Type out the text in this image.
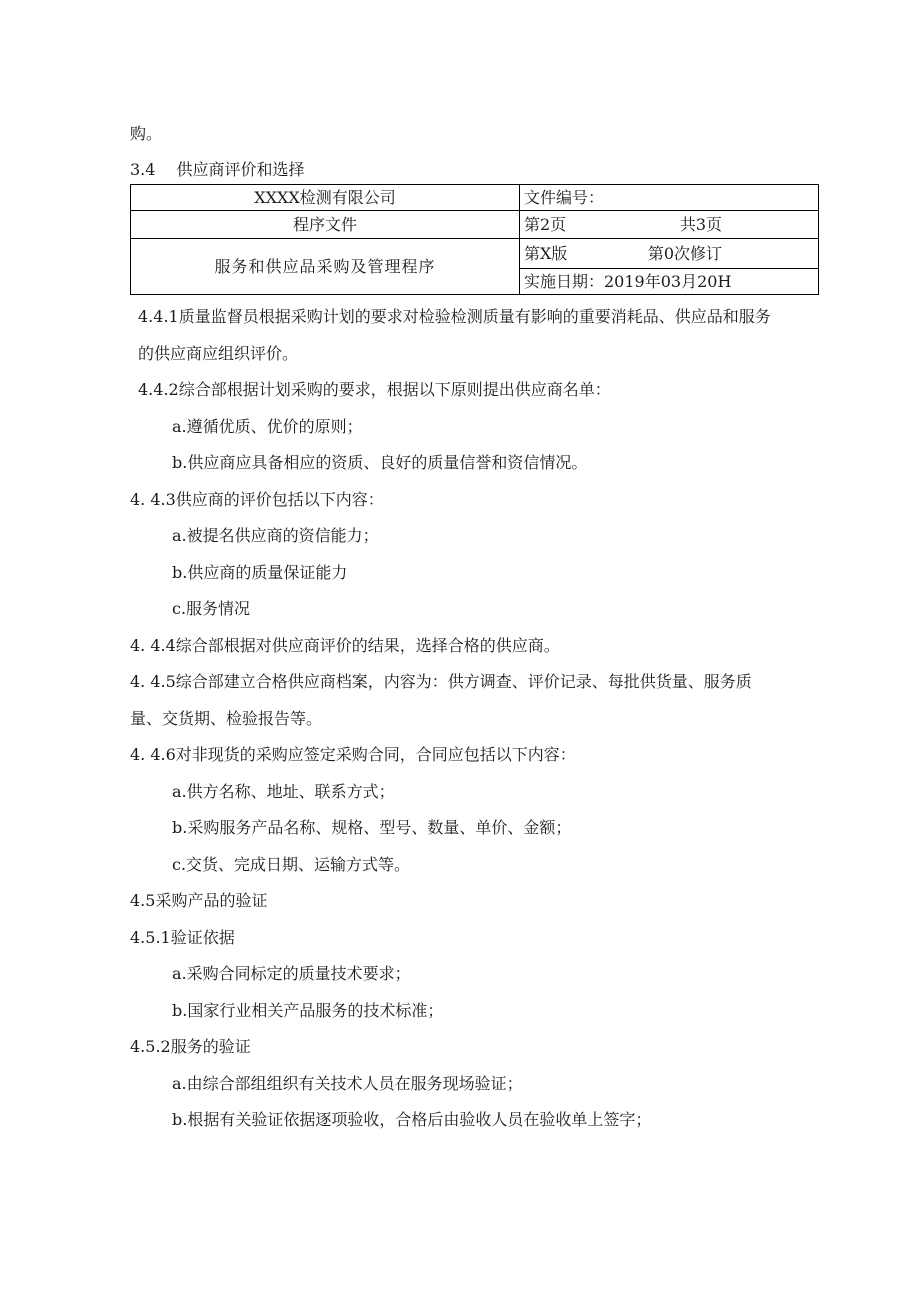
购。
3.4　 供应商评价和选择
XXXX检测有限公司	文件编号：
程序文件	第2页 共3页

服务和供应品采购及管理程序	第X版 第0次修订

	实施日期：2019年03月20H
4.4.1质量监督员根据采购计划的要求对检验检测质量有影响的重要消耗品、供应品和服务
的供应商应组织评价。
4.4.2综合部根据计划采购的要求，根据以下原则提出供应商名单：
a.遵循优质、优价的原则；
b.供应商应具备相应的资质、良好的质量信誉和资信情况。
4. 4.3供应商的评价包括以下内容：
a.被提名供应商的资信能力；
b.供应商的质量保证能力
c.服务情况
4. 4.4综合部根据对供应商评价的结果，选择合格的供应商。
4. 4.5综合部建立合格供应商档案，内容为：供方调查、评价记录、每批供货量、服务质
量、交货期、检验报告等。
4. 4.6对非现货的采购应签定采购合同，合同应包括以下内容：
a.供方名称、地址、联系方式；
b.采购服务产品名称、规格、型号、数量、单价、金额；
c.交货、完成日期、运输方式等。
4.5采购产品的验证
4.5.1验证依据
a.采购合同标定的质量技术要求；
b.国家行业相关产品服务的技术标准；
4.5.2服务的验证
a.由综合部组组织有关技术人员在服务现场验证；
b.根据有关验证依据逐项验收，合格后由验收人员在验收单上签字；
